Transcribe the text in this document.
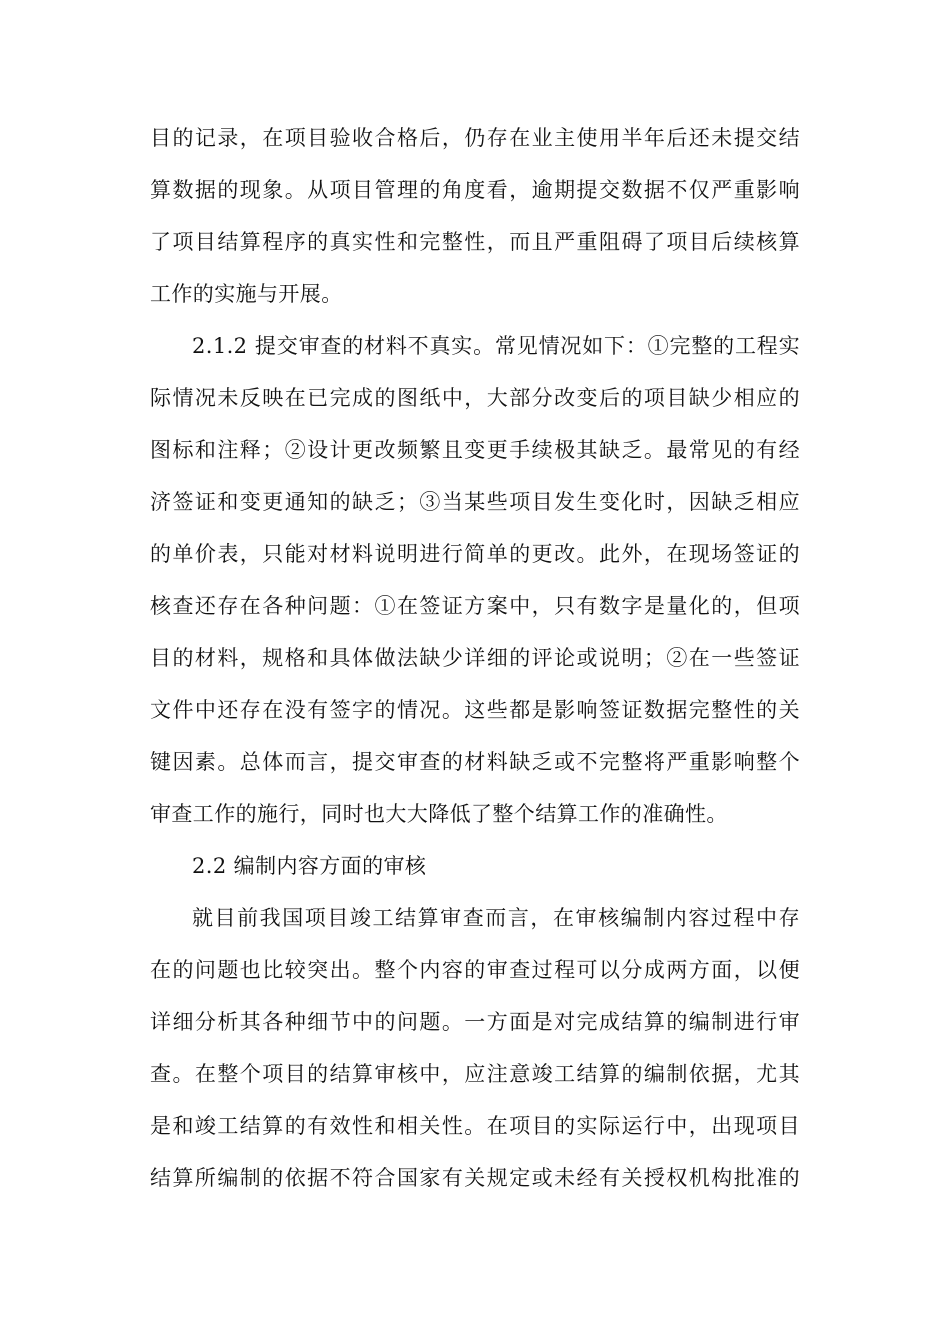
目的记录，在项目验收合格后，仍存在业主使用半年后还未提交结
算数据的现象。从项目管理的角度看，逾期提交数据不仅严重影响
了项目结算程序的真实性和完整性，而且严重阻碍了项目后续核算
工作的实施与开展。
2.1.2 提交审查的材料不真实。常见情况如下：①完整的工程实
际情况未反映在已完成的图纸中，大部分改变后的项目缺少相应的
图标和注释；②设计更改频繁且变更手续极其缺乏。最常见的有经
济签证和变更通知的缺乏；③当某些项目发生变化时，因缺乏相应
的单价表，只能对材料说明进行简单的更改。此外，在现场签证的
核查还存在各种问题：①在签证方案中，只有数字是量化的，但项
目的材料，规格和具体做法缺少详细的评论或说明；②在一些签证
文件中还存在没有签字的情况。这些都是影响签证数据完整性的关
键因素。总体而言，提交审查的材料缺乏或不完整将严重影响整个
审查工作的施行，同时也大大降低了整个结算工作的准确性。
2.2 编制内容方面的审核
就目前我国项目竣工结算审查而言，在审核编制内容过程中存
在的问题也比较突出。整个内容的审查过程可以分成两方面，以便
详细分析其各种细节中的问题。一方面是对完成结算的编制进行审
查。在整个项目的结算审核中，应注意竣工结算的编制依据，尤其
是和竣工结算的有效性和相关性。在项目的实际运行中，出现项目
结算所编制的依据不符合国家有关规定或未经有关授权机构批准的
